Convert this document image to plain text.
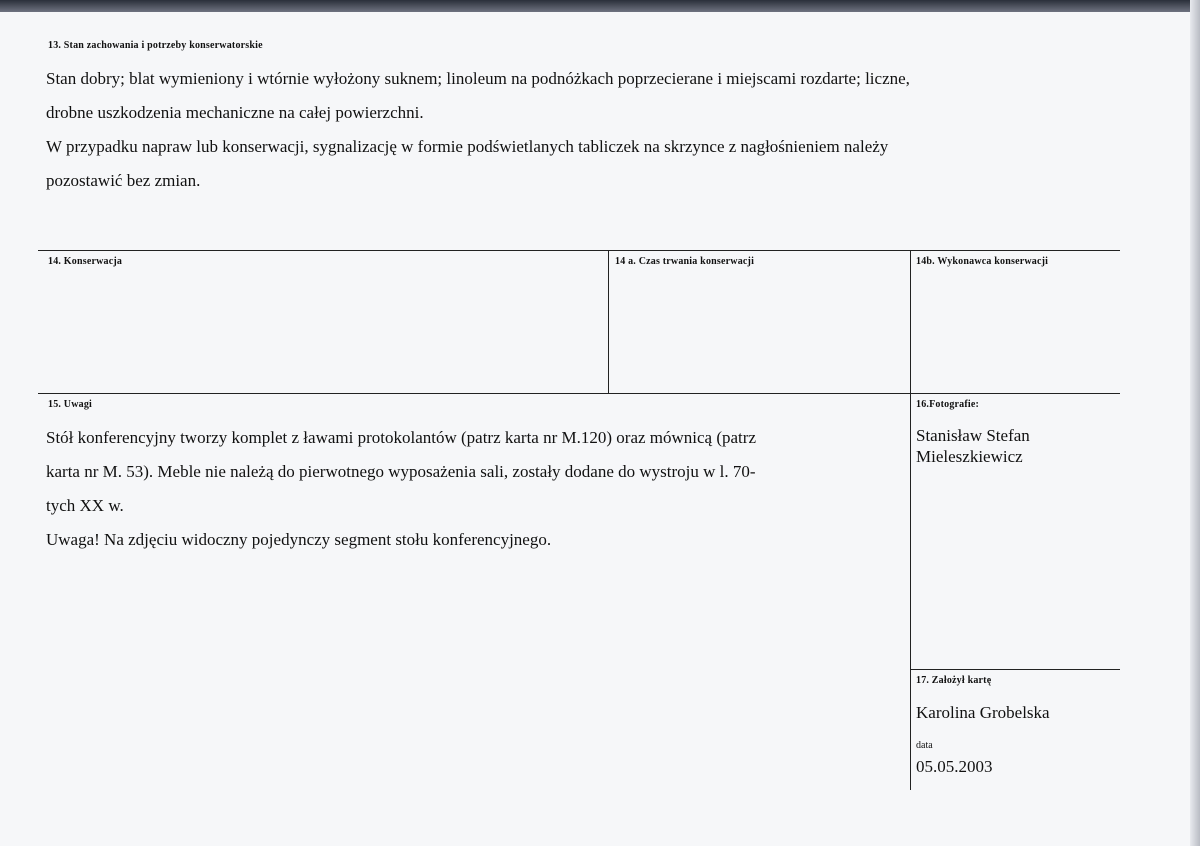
13. Stan zachowania i potrzeby konserwatorskie
Stan dobry; blat wymieniony i wtórnie wyłożony suknem; linoleum na podnóżkach poprzecierane i miejscami rozdarte; liczne,
drobne uszkodzenia mechaniczne na całej powierzchni.
W przypadku napraw lub konserwacji, sygnalizację w formie podświetlanych tabliczek na skrzynce z nagłośnieniem należy
pozostawić bez zmian.
14. Konserwacja	14 a. Czas trwania konserwacji	14b. Wykonawca konserwacji
15. Uwagi
Stół konferencyjny tworzy komplet z ławami protokolantów (patrz karta nr M.120) oraz mównicą (patrz
karta nr M. 53). Meble nie należą do pierwotnego wyposażenia sali, zostały dodane do wystroju w l. 70-
tych XX w.
Uwaga! Na zdjęciu widoczny pojedynczy segment stołu konferencyjnego.
16.Fotografie:
Stanisław Stefan
Mieleszkiewicz
17. Założył kartę
Karolina Grobelska
data
05.05.2003
